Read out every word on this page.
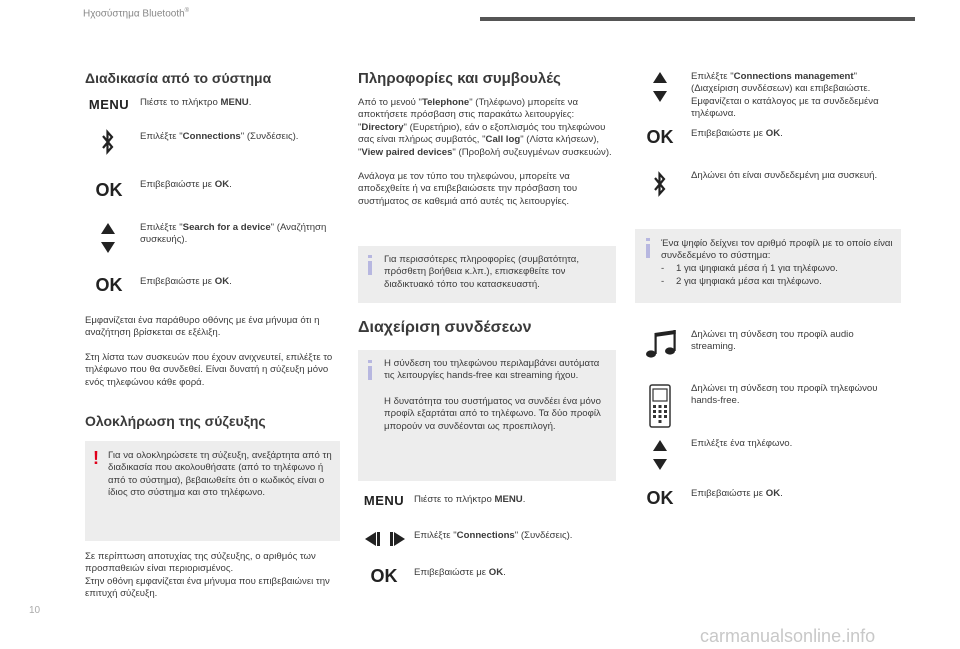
Ηχοσύστημα Bluetooth®
Διαδικασία από το σύστημα
MENU	Πιέστε το πλήκτρο MENU.
Επιλέξτε "Connections" (Συνδέσεις).
OK	Επιβεβαιώστε με OK.
Επιλέξτε "Search for a device" (Αναζήτηση συσκευής).
OK	Επιβεβαιώστε με OK.
Εμφανίζεται ένα παράθυρο οθόνης με ένα μήνυμα ότι η αναζήτηση βρίσκεται σε εξέλιξη.
Στη λίστα των συσκευών που έχουν ανιχνευτεί, επιλέξτε το τηλέφωνο που θα συνδεθεί. Είναι δυνατή η σύζευξη μόνο ενός τηλεφώνου κάθε φορά.
Ολοκλήρωση της σύζευξης
! Για να ολοκληρώσετε τη σύζευξη, ανεξάρτητα από τη διαδικασία που ακολουθήσατε (από το τηλέφωνο ή από το σύστημα), βεβαιωθείτε ότι ο κωδικός είναι ο ίδιος στο σύστημα και στο τηλέφωνο.
Σε περίπτωση αποτυχίας της σύζευξης, ο αριθμός των προσπαθειών είναι περιορισμένος.
Στην οθόνη εμφανίζεται ένα μήνυμα που επιβεβαιώνει την επιτυχή σύζευξη.
Πληροφορίες και συμβουλές
Από το μενού "Telephone" (Τηλέφωνο) μπορείτε να αποκτήσετε πρόσβαση στις παρακάτω λειτουργίες: "Directory" (Ευρετήριο), εάν ο εξοπλισμός του τηλεφώνου σας είναι πλήρως συμβατός, "Call log" (Λίστα κλήσεων), "View paired devices" (Προβολή συζευγμένων συσκευών).
Ανάλογα με τον τύπο του τηλεφώνου, μπορείτε να αποδεχθείτε ή να επιβεβαιώσετε την πρόσβαση του συστήματος σε καθεμιά από αυτές τις λειτουργίες.
Για περισσότερες πληροφορίες (συμβατότητα, πρόσθετη βοήθεια κ.λπ.), επισκεφθείτε τον διαδικτυακό τόπο του κατασκευαστή.
Διαχείριση συνδέσεων
Η σύνδεση του τηλεφώνου περιλαμβάνει αυτόματα τις λειτουργίες hands-free και streaming ήχου.
Η δυνατότητα του συστήματος να συνδέει ένα μόνο προφίλ εξαρτάται από το τηλέφωνο. Τα δύο προφίλ μπορούν να συνδέονται ως προεπιλογή.
MENU	Πιέστε το πλήκτρο MENU.
Επιλέξτε "Connections" (Συνδέσεις).
OK	Επιβεβαιώστε με OK.
Επιλέξτε "Connections management" (Διαχείριση συνδέσεων) και επιβεβαιώστε. Εμφανίζεται ο κατάλογος με τα συνδεδεμένα τηλέφωνα.
OK	Επιβεβαιώστε με OK.
Δηλώνει ότι είναι συνδεδεμένη μια συσκευή.
Ένα ψηφίο δείχνει τον αριθμό προφίλ με το οποίο είναι συνδεδεμένο το σύστημα:
- 1 για ψηφιακά μέσα ή 1 για τηλέφωνο.
- 2 για ψηφιακά μέσα και τηλέφωνο.
Δηλώνει τη σύνδεση του προφίλ audio streaming.
Δηλώνει τη σύνδεση του προφίλ τηλεφώνου hands-free.
Επιλέξτε ένα τηλέφωνο.
OK	Επιβεβαιώστε με OK.
10
carmanualsonline.info
